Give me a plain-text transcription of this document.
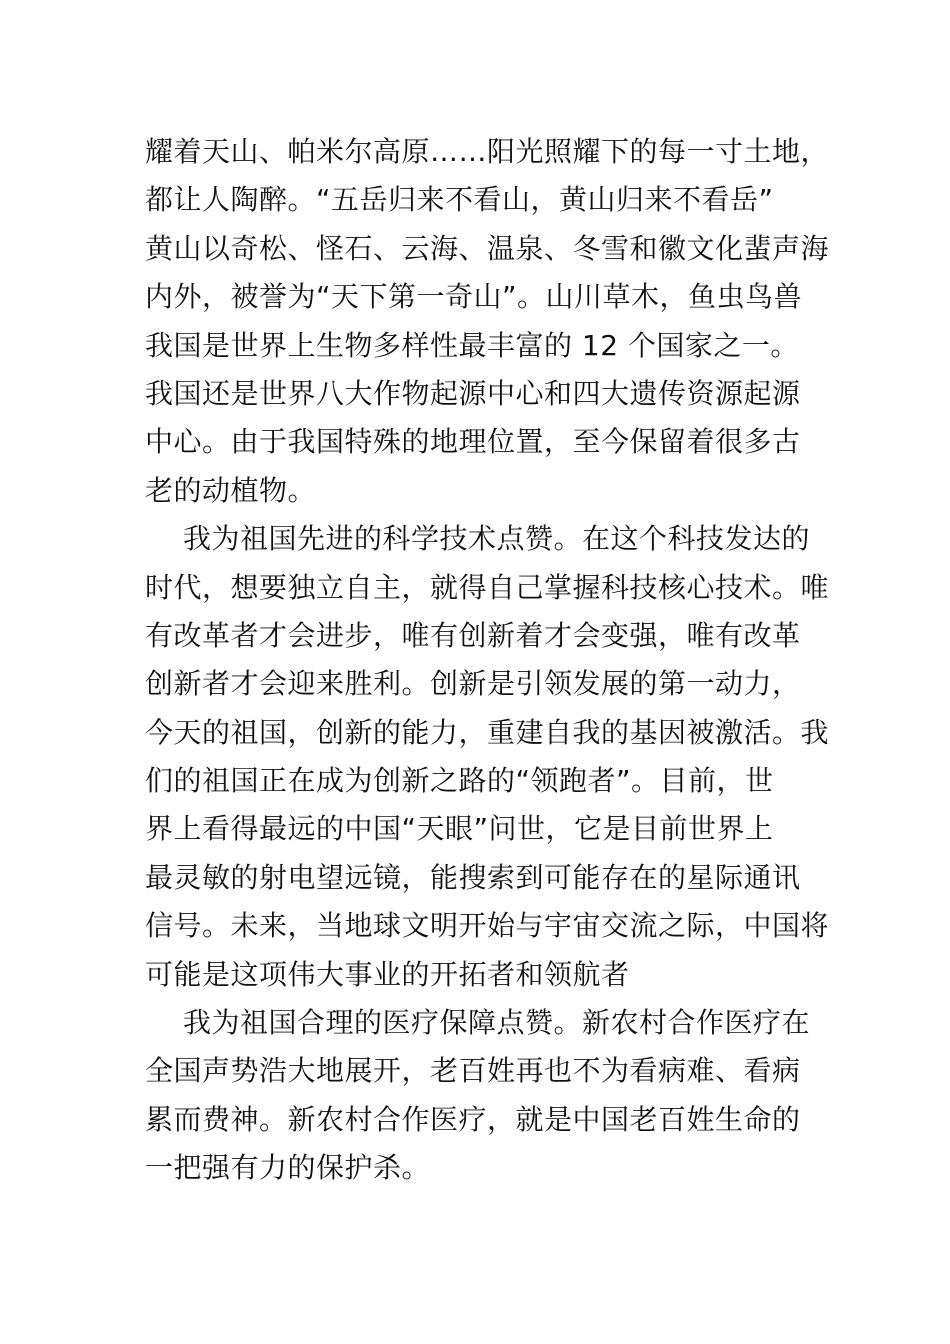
耀着天山、帕米尔高原……阳光照耀下的每一寸土地，
都让人陶醉。“五岳归来不看山，黄山归来不看岳”
黄山以奇松、怪石、云海、温泉、冬雪和徽文化蜚声海
内外，被誉为“天下第一奇山”。山川草木，鱼虫鸟兽
我国是世界上生物多样性最丰富的 12 个国家之一。
我国还是世界八大作物起源中心和四大遗传资源起源
中心。由于我国特殊的地理位置，至今保留着很多古
老的动植物。
我为祖国先进的科学技术点赞。在这个科技发达的
时代，想要独立自主，就得自己掌握科技核心技术。唯
有改革者才会进步，唯有创新着才会变强，唯有改革
创新者才会迎来胜利。创新是引领发展的第一动力，
今天的祖国，创新的能力，重建自我的基因被激活。我
们的祖国正在成为创新之路的“领跑者”。目前，世
界上看得最远的中国“天眼”问世，它是目前世界上
最灵敏的射电望远镜，能搜索到可能存在的星际通讯
信号。未来，当地球文明开始与宇宙交流之际，中国将
可能是这项伟大事业的开拓者和领航者
我为祖国合理的医疗保障点赞。新农村合作医疗在
全国声势浩大地展开，老百姓再也不为看病难、看病
累而费神。新农村合作医疗，就是中国老百姓生命的
一把强有力的保护杀。
